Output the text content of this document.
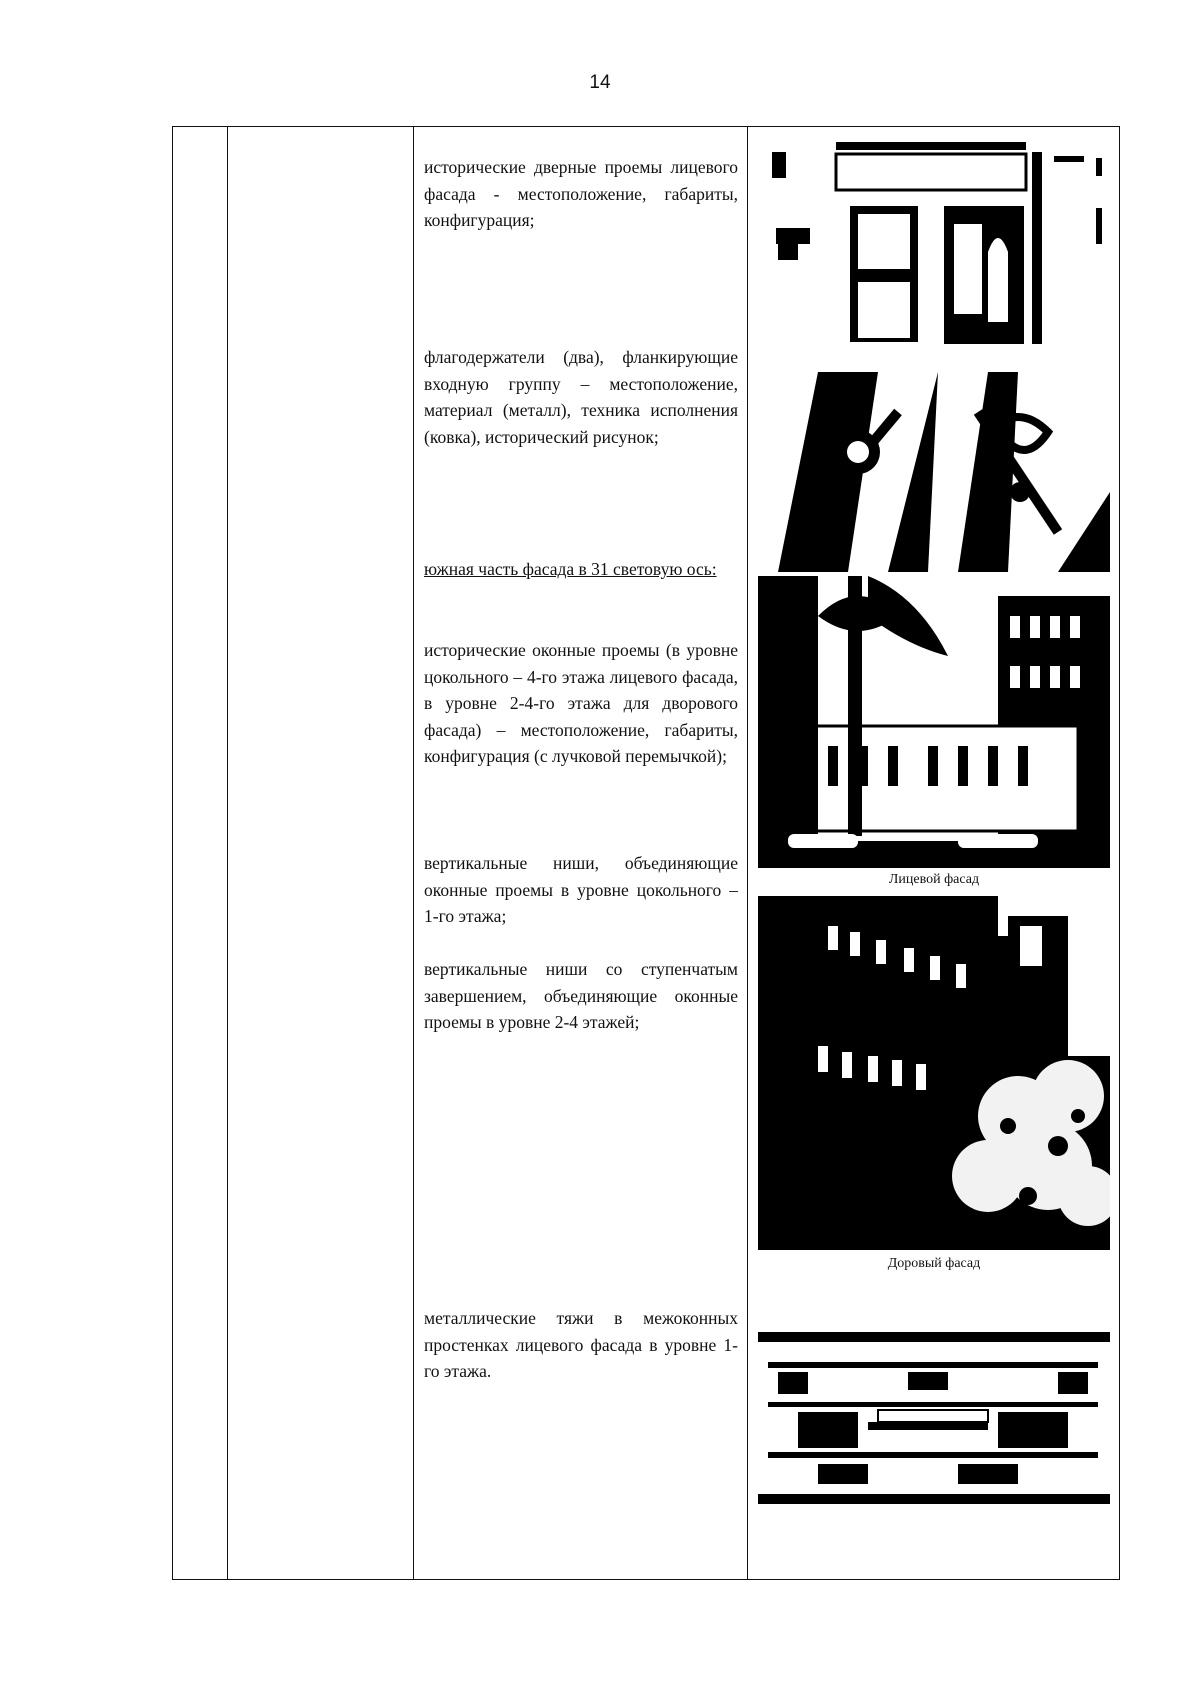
14
исторические дверные проемы лицевого фасада - местоположение, габариты, конфигурация;
флагодержатели (два), фланкирующие входную группу – местоположение, материал (металл), техника исполнения (ковка), исторический рисунок;
южная часть фасада в 31 световую ось:
исторические оконные проемы (в уровне цокольного – 4-го этажа лицевого фасада, в уровне 2-4-го этажа для дворового фасада) – местоположение, габариты, конфигурация (с лучковой перемычкой);
вертикальные ниши, объединяющие оконные проемы в уровне цокольного – 1-го этажа;
вертикальные ниши со ступенчатым завершением, объединяющие оконные проемы в уровне 2-4 этажей;
металлические тяжи в межоконных простенках лицевого фасада в уровне 1-го этажа.
Лицевой фасад
Доровый фасад
